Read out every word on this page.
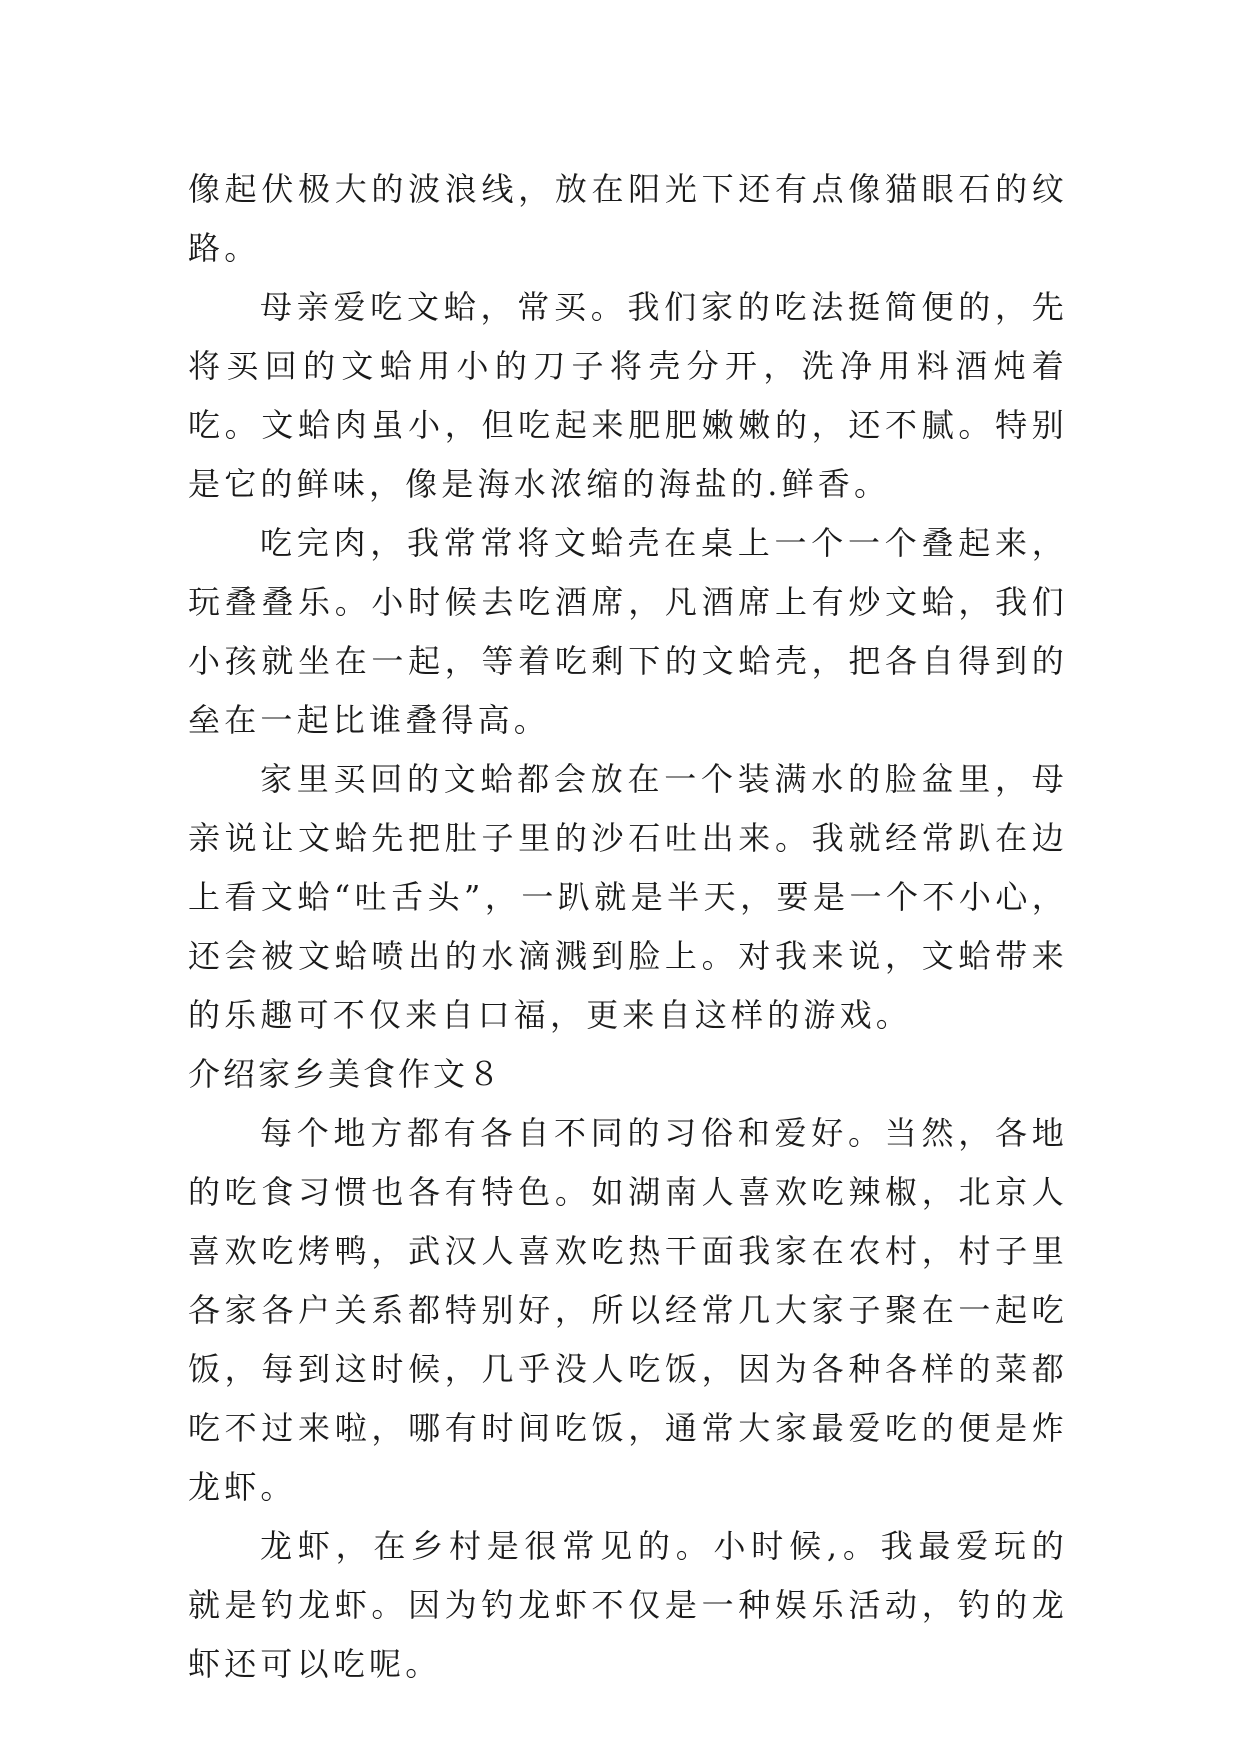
像起伏极大的波浪线，放在阳光下还有点像猫眼石的纹路。

母亲爱吃文蛤，常买。我们家的吃法挺简便的，先将买回的文蛤用小的刀子将壳分开，洗净用料酒炖着吃。文蛤肉虽小，但吃起来肥肥嫩嫩的，还不腻。特别是它的鲜味，像是海水浓缩的海盐的.鲜香。

吃完肉，我常常将文蛤壳在桌上一个一个叠起来，玩叠叠乐。小时候去吃酒席，凡酒席上有炒文蛤，我们小孩就坐在一起，等着吃剩下的文蛤壳，把各自得到的垒在一起比谁叠得高。

家里买回的文蛤都会放在一个装满水的脸盆里，母亲说让文蛤先把肚子里的沙石吐出来。我就经常趴在边上看文蛤“吐舌头”，一趴就是半天，要是一个不小心，还会被文蛤喷出的水滴溅到脸上。对我来说，文蛤带来的乐趣可不仅来自口福，更来自这样的游戏。

介绍家乡美食作文８

每个地方都有各自不同的习俗和爱好。当然，各地的吃食习惯也各有特色。如湖南人喜欢吃辣椒，北京人喜欢吃烤鸭，武汉人喜欢吃热干面我家在农村，村子里各家各户关系都特别好，所以经常几大家子聚在一起吃饭，每到这时候，几乎没人吃饭，因为各种各样的菜都吃不过来啦，哪有时间吃饭，通常大家最爱吃的便是炸龙虾。

龙虾，在乡村是很常见的。小时候,。我最爱玩的就是钓龙虾。因为钓龙虾不仅是一种娱乐活动，钓的龙虾还可以吃呢。
